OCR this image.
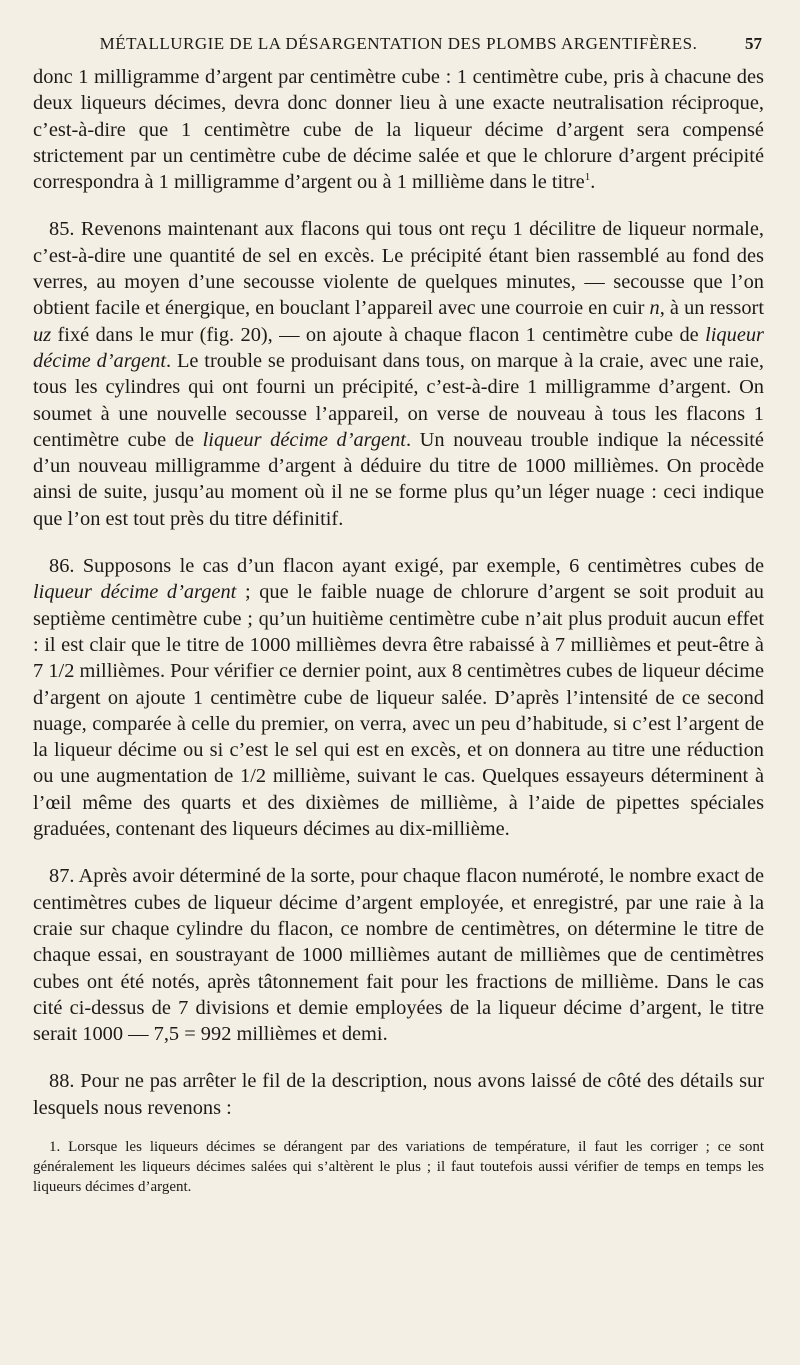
MÉTALLURGIE DE LA DÉSARGENTATION DES PLOMBS ARGENTIFÈRES.	57

donc 1 milligramme d’argent par centimètre cube : 1 centimètre cube, pris à chacune des deux liqueurs décimes, devra donc donner lieu à une exacte neutralisation réciproque, c’est-à-dire que 1 centimètre cube de la liqueur décime d’argent sera compensé strictement par un centimètre cube de décime salée et que le chlorure d’argent précipité correspondra à 1 milligramme d’argent ou à 1 millième dans le titre$^1$.

85. Revenons maintenant aux flacons qui tous ont reçu 1 décilitre de liqueur normale, c’est-à-dire une quantité de sel en excès. Le précipité étant bien rassemblé au fond des verres, au moyen d’une secousse violente de quelques minutes, — secousse que l’on obtient facile et énergique, en bouclant l’appareil avec une courroie en cuir n, à un ressort uz fixé dans le mur (fig. 20), — on ajoute à chaque flacon 1 centimètre cube de liqueur décime d’argent. Le trouble se produisant dans tous, on marque à la craie, avec une raie, tous les cylindres qui ont fourni un précipité, c’est-à-dire 1 milligramme d’argent. On soumet à une nouvelle secousse l’appareil, on verse de nouveau à tous les flacons 1 centimètre cube de liqueur décime d’argent. Un nouveau trouble indique la nécessité d’un nouveau milligramme d’argent à déduire du titre de 1000 millièmes. On procède ainsi de suite, jusqu’au moment où il ne se forme plus qu’un léger nuage : ceci indique que l’on est tout près du titre définitif.

86. Supposons le cas d’un flacon ayant exigé, par exemple, 6 centimètres cubes de liqueur décime d’argent ; que le faible nuage de chlorure d’argent se soit produit au septième centimètre cube ; qu’un huitième centimètre cube n’ait plus produit aucun effet : il est clair que le titre de 1000 millièmes devra être rabaissé à 7 millièmes et peut-être à 7 1/2 millièmes. Pour vérifier ce dernier point, aux 8 centimètres cubes de liqueur décime d’argent on ajoute 1 centimètre cube de liqueur salée. D’après l’intensité de ce second nuage, comparée à celle du premier, on verra, avec un peu d’habitude, si c’est l’argent de la liqueur décime ou si c’est le sel qui est en excès, et on donnera au titre une réduction ou une augmentation de 1/2 millième, suivant le cas. Quelques essayeurs déterminent à l’œil même des quarts et des dixièmes de millième, à l’aide de pipettes spéciales graduées, contenant des liqueurs décimes au dix-millième.

87. Après avoir déterminé de la sorte, pour chaque flacon numéroté, le nombre exact de centimètres cubes de liqueur décime d’argent employée, et enregistré, par une raie à la craie sur chaque cylindre du flacon, ce nombre de centimètres, on détermine le titre de chaque essai, en soustrayant de 1000 millièmes autant de millièmes que de centimètres cubes ont été notés, après tâtonnement fait pour les fractions de millième. Dans le cas cité ci-dessus de 7 divisions et demie employées de la liqueur décime d’argent, le titre serait 1000 — 7,5 = 992 millièmes et demi.

88. Pour ne pas arrêter le fil de la description, nous avons laissé de côté des détails sur lesquels nous revenons :

1. Lorsque les liqueurs décimes se dérangent par des variations de température, il faut les corriger ; ce sont généralement les liqueurs décimes salées qui s’altèrent le plus ; il faut toutefois aussi vérifier de temps en temps les liqueurs décimes d’argent.
